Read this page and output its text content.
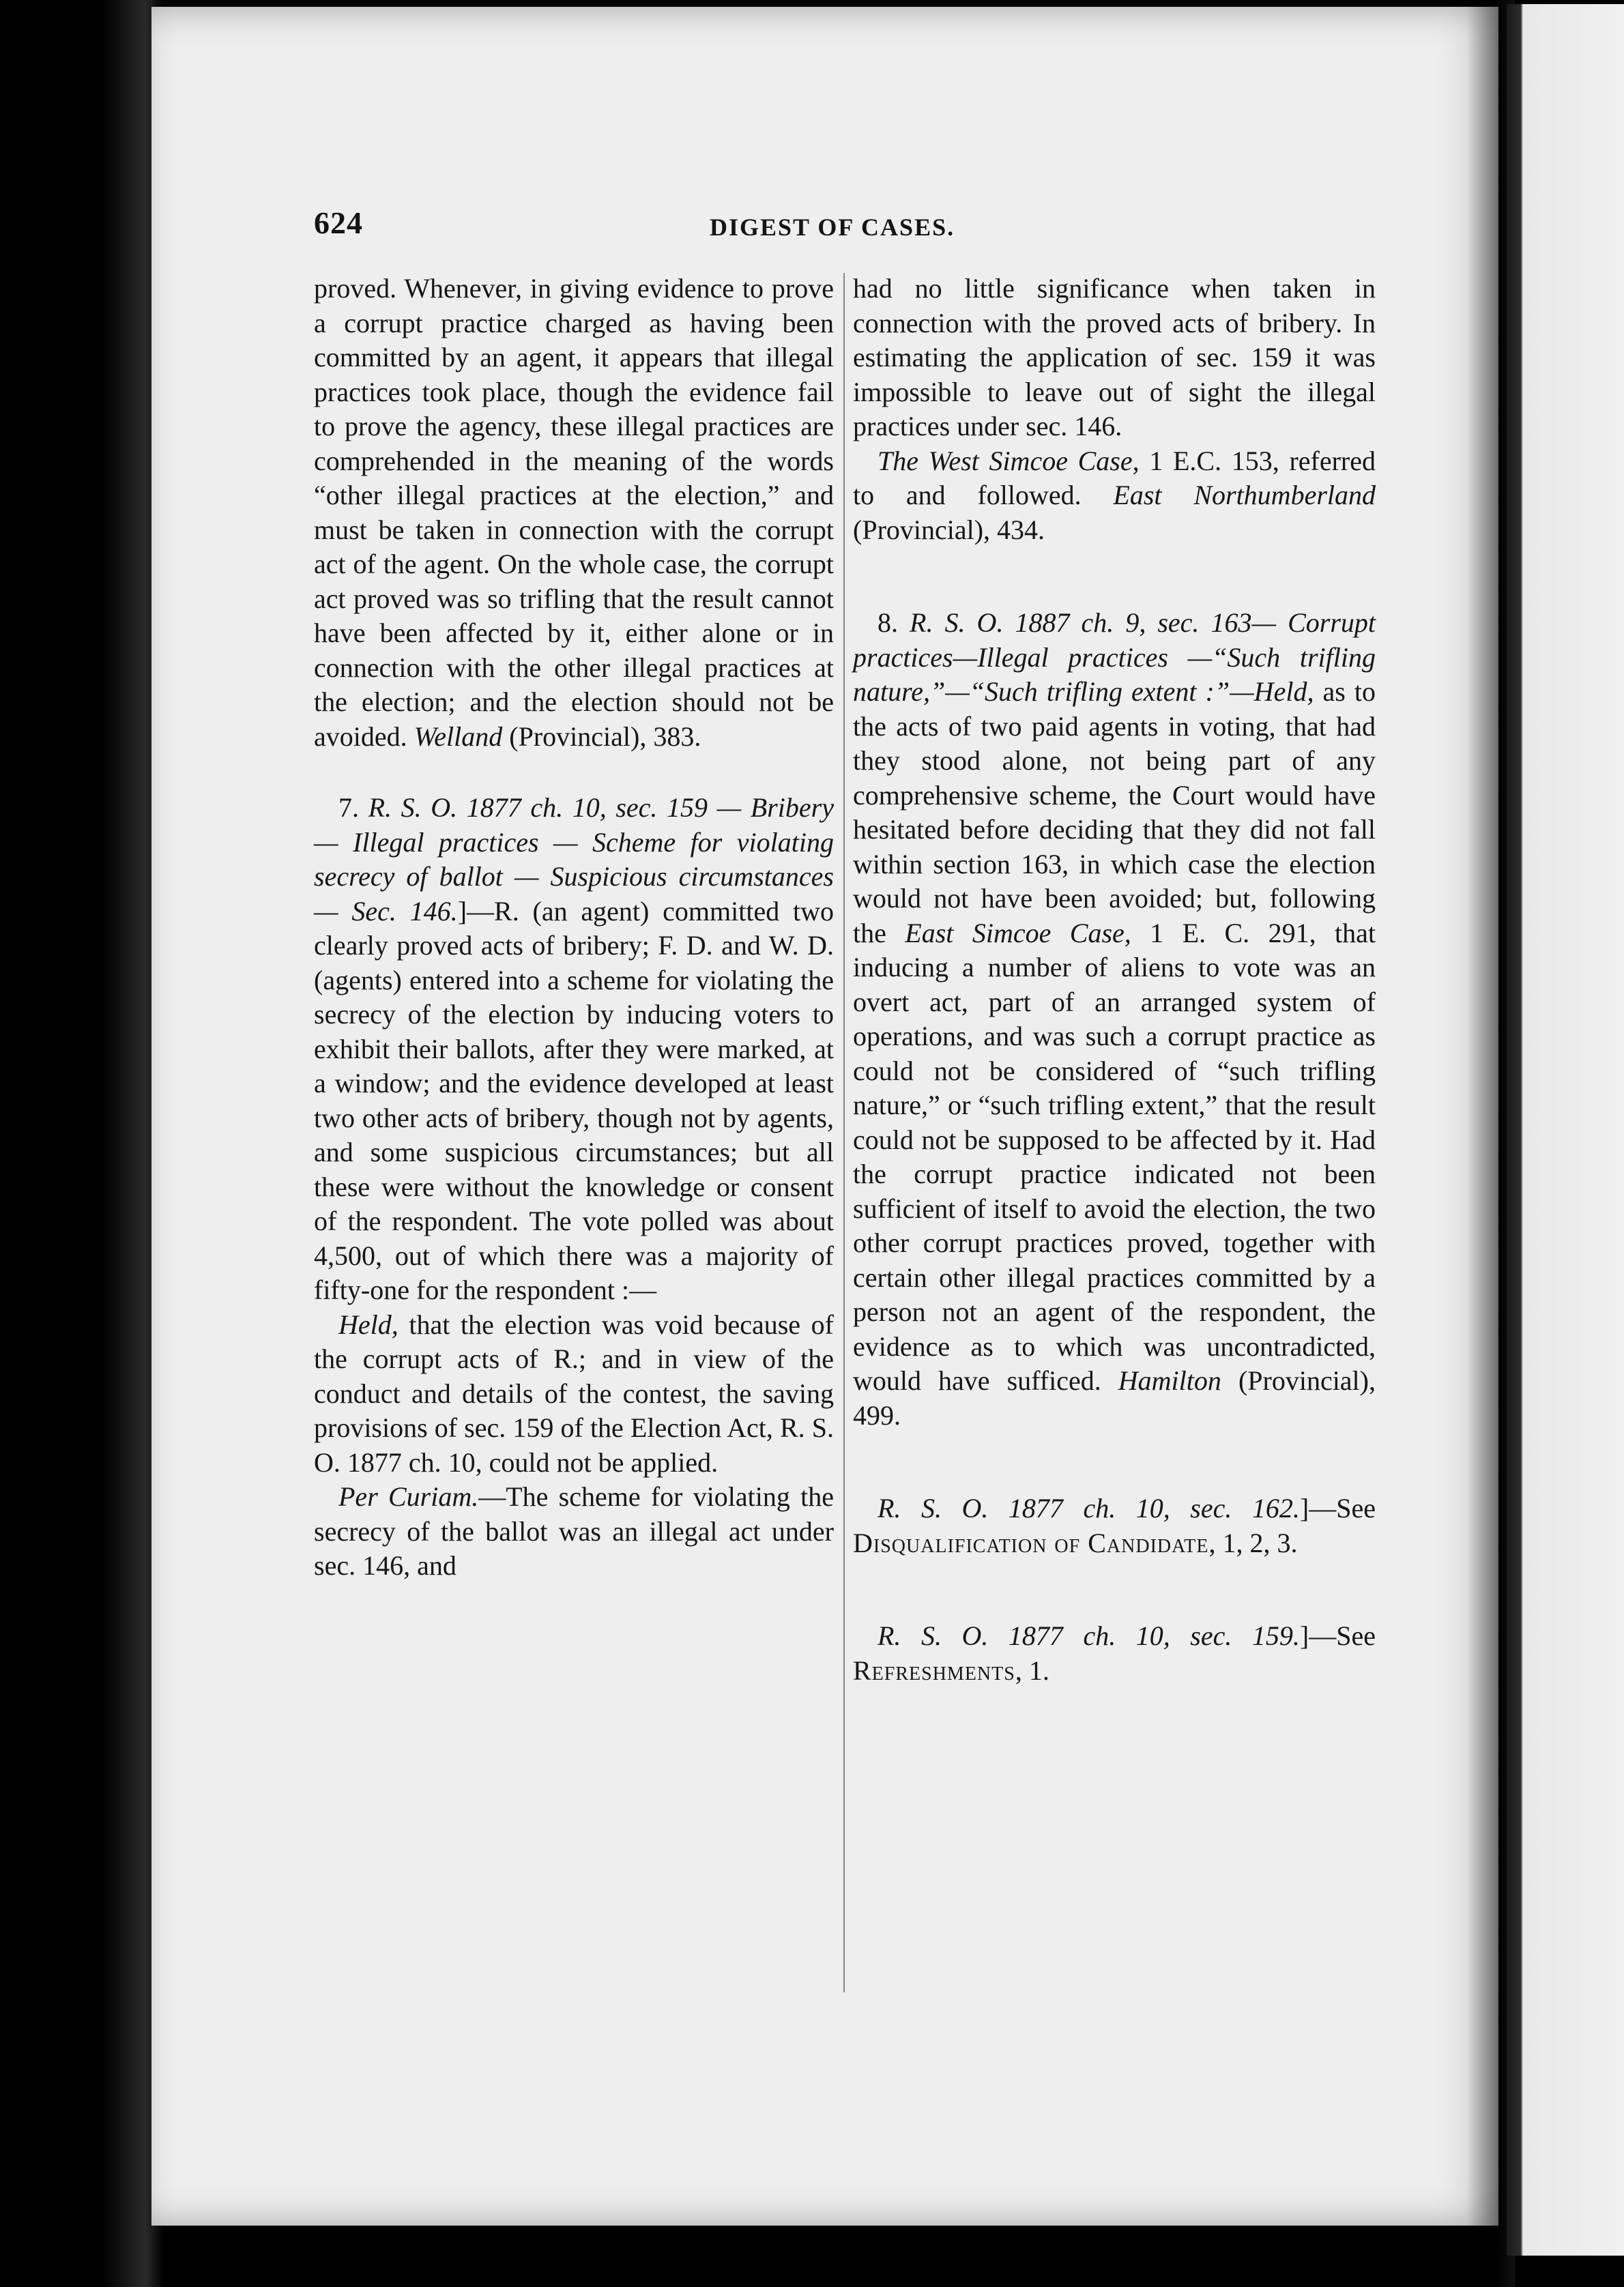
624	DIGEST OF CASES.

proved. Whenever, in giving evidence to prove a corrupt practice charged as having been committed by an agent, it appears that illegal practices took place, though the evidence fail to prove the agency, these illegal practices are comprehended in the meaning of the words “other illegal practices at the election,” and must be taken in connection with the corrupt act of the agent. On the whole case, the corrupt act proved was so trifling that the result cannot have been affected by it, either alone or in connection with the other illegal practices at the election; and the election should not be avoided. Welland (Provincial), 383.

7. R. S. O. 1877 ch. 10, sec. 159 — Bribery — Illegal practices — Scheme for violating secrecy of ballot — Suspicious circumstances — Sec. 146.]—R. (an agent) committed two clearly proved acts of bribery; F. D. and W. D. (agents) entered into a scheme for violating the secrecy of the election by inducing voters to exhibit their ballots, after they were marked, at a window; and the evidence developed at least two other acts of bribery, though not by agents, and some suspicious circumstances; but all these were without the knowledge or consent of the respondent. The vote polled was about 4,500, out of which there was a majority of fifty-one for the respondent :—

Held, that the election was void because of the corrupt acts of R.; and in view of the conduct and details of the contest, the saving provisions of sec. 159 of the Election Act, R. S. O. 1877 ch. 10, could not be applied.

Per Curiam.—The scheme for violating the secrecy of the ballot was an illegal act under sec. 146, and

had no little significance when taken in connection with the proved acts of bribery. In estimating the application of sec. 159 it was impossible to leave out of sight the illegal practices under sec. 146.

The West Simcoe Case, 1 E.C. 153, referred to and followed. East Northumberland (Provincial), 434.

8. R. S. O. 1887 ch. 9, sec. 163— Corrupt practices—Illegal practices —“Such trifling nature,”—“Such trifling extent :”—Held, as to the acts of two paid agents in voting, that had they stood alone, not being part of any comprehensive scheme, the Court would have hesitated before deciding that they did not fall within section 163, in which case the election would not have been avoided; but, following the East Simcoe Case, 1 E. C. 291, that inducing a number of aliens to vote was an overt act, part of an arranged system of operations, and was such a corrupt practice as could not be considered of “such trifling nature,” or “such trifling extent,” that the result could not be supposed to be affected by it. Had the corrupt practice indicated not been sufficient of itself to avoid the election, the two other corrupt practices proved, together with certain other illegal practices committed by a person not an agent of the respondent, the evidence as to which was uncontradicted, would have sufficed. Hamilton (Provincial), 499.

R. S. O. 1877 ch. 10, sec. 162.]—See Disqualification of Candidate, 1, 2, 3.

R. S. O. 1877 ch. 10, sec. 159.]—See Refreshments, 1.
